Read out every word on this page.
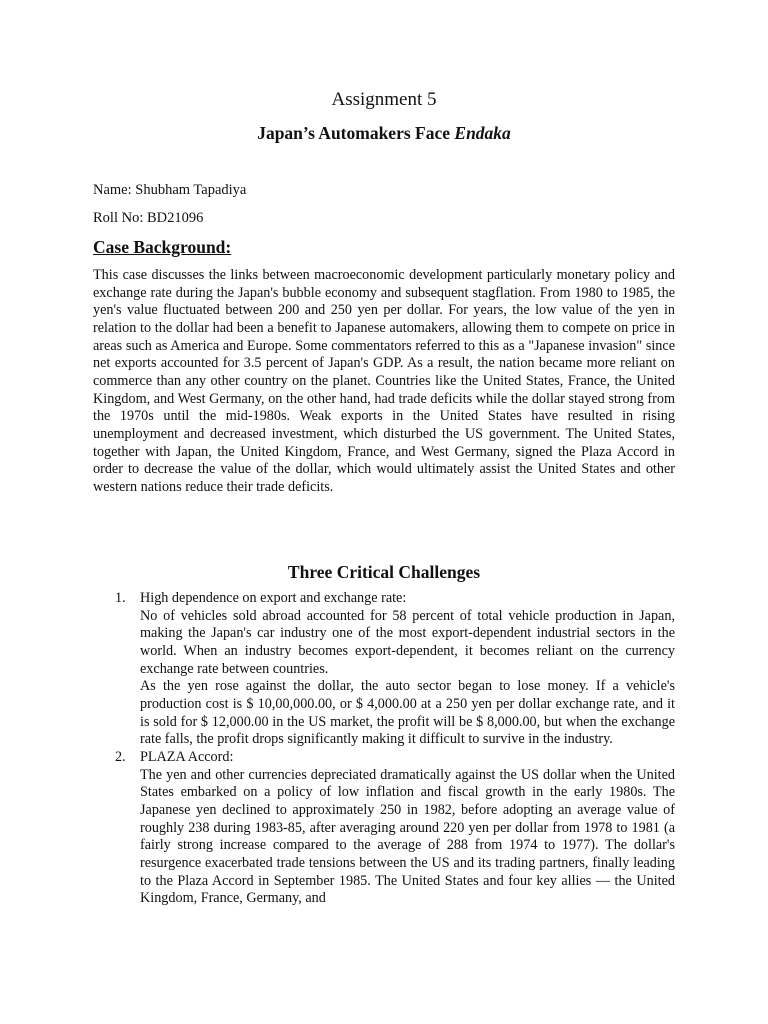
Assignment 5
Japan’s Automakers Face Endaka
Name: Shubham Tapadiya
Roll No: BD21096
Case Background:

This case discusses the links between macroeconomic development particularly monetary policy and exchange rate during the Japan's bubble economy and subsequent stagflation. From 1980 to 1985, the yen's value fluctuated between 200 and 250 yen per dollar. For years, the low value of the yen in relation to the dollar had been a benefit to Japanese automakers, allowing them to compete on price in areas such as America and Europe. Some commentators referred to this as a "Japanese invasion" since net exports accounted for 3.5 percent of Japan's GDP. As a result, the nation became more reliant on commerce than any other country on the planet. Countries like the United States, France, the United Kingdom, and West Germany, on the other hand, had trade deficits while the dollar stayed strong from the 1970s until the mid-1980s. Weak exports in the United States have resulted in rising unemployment and decreased investment, which disturbed the US government. The United States, together with Japan, the United Kingdom, France, and West Germany, signed the Plaza Accord in order to decrease the value of the dollar, which would ultimately assist the United States and other western nations reduce their trade deficits.

Three Critical Challenges
1. High dependence on export and exchange rate:

No of vehicles sold abroad accounted for 58 percent of total vehicle production in Japan, making the Japan's car industry one of the most export-dependent industrial sectors in the world. When an industry becomes export-dependent, it becomes reliant on the currency exchange rate between countries.

As the yen rose against the dollar, the auto sector began to lose money. If a vehicle's production cost is $ 10,00,000.00, or $ 4,000.00 at a 250 yen per dollar exchange rate, and it is sold for $ 12,000.00 in the US market, the profit will be $ 8,000.00, but when the exchange rate falls, the profit drops significantly making it difficult to survive in the industry.

2. PLAZA Accord:

The yen and other currencies depreciated dramatically against the US dollar when the United States embarked on a policy of low inflation and fiscal growth in the early 1980s. The Japanese yen declined to approximately 250 in 1982, before adopting an average value of roughly 238 during 1983-85, after averaging around 220 yen per dollar from 1978 to 1981 (a fairly strong increase compared to the average of 288 from 1974 to 1977). The dollar's resurgence exacerbated trade tensions between the US and its trading partners, finally leading to the Plaza Accord in September 1985. The United States and four key allies — the United Kingdom, France, Germany, and
